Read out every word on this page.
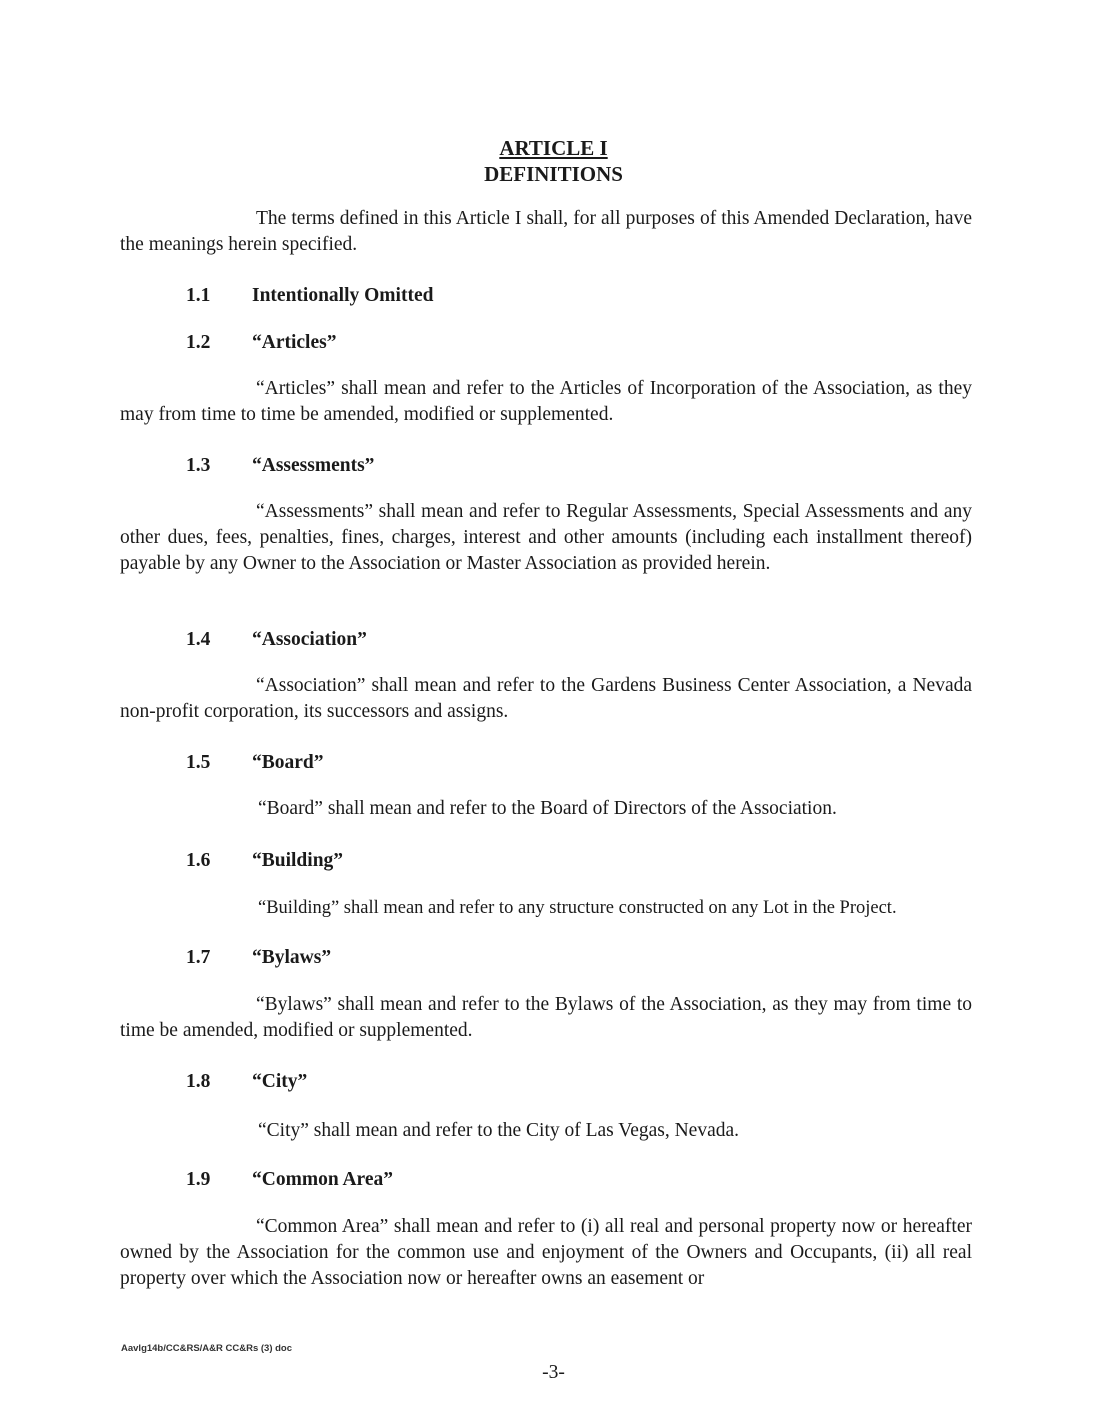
ARTICLE I
DEFINITIONS
The terms defined in this Article I shall, for all purposes of this Amended Declaration, have the meanings herein specified.
1.1 Intentionally Omitted
1.2 “Articles”
“Articles” shall mean and refer to the Articles of Incorporation of the Association, as they may from time to time be amended, modified or supplemented.
1.3 “Assessments”
“Assessments” shall mean and refer to Regular Assessments, Special Assessments and any other dues, fees, penalties, fines, charges, interest and other amounts (including each installment thereof) payable by any Owner to the Association or Master Association as provided herein.
1.4 “Association”
“Association” shall mean and refer to the Gardens Business Center Association, a Nevada non-profit corporation, its successors and assigns.
1.5 “Board”
“Board” shall mean and refer to the Board of Directors of the Association.
1.6 “Building”
“Building” shall mean and refer to any structure constructed on any Lot in the Project.
1.7 “Bylaws”
“Bylaws” shall mean and refer to the Bylaws of the Association, as they may from time to time be amended, modified or supplemented.
1.8 “City”
“City” shall mean and refer to the City of Las Vegas, Nevada.
1.9 “Common Area”
“Common Area” shall mean and refer to (i) all real and personal property now or hereafter owned by the Association for the common use and enjoyment of the Owners and Occupants, (ii) all real property over which the Association now or hereafter owns an easement or
Aavlg14b/CC&RS/A&R CC&Rs (3) doc
-3-
